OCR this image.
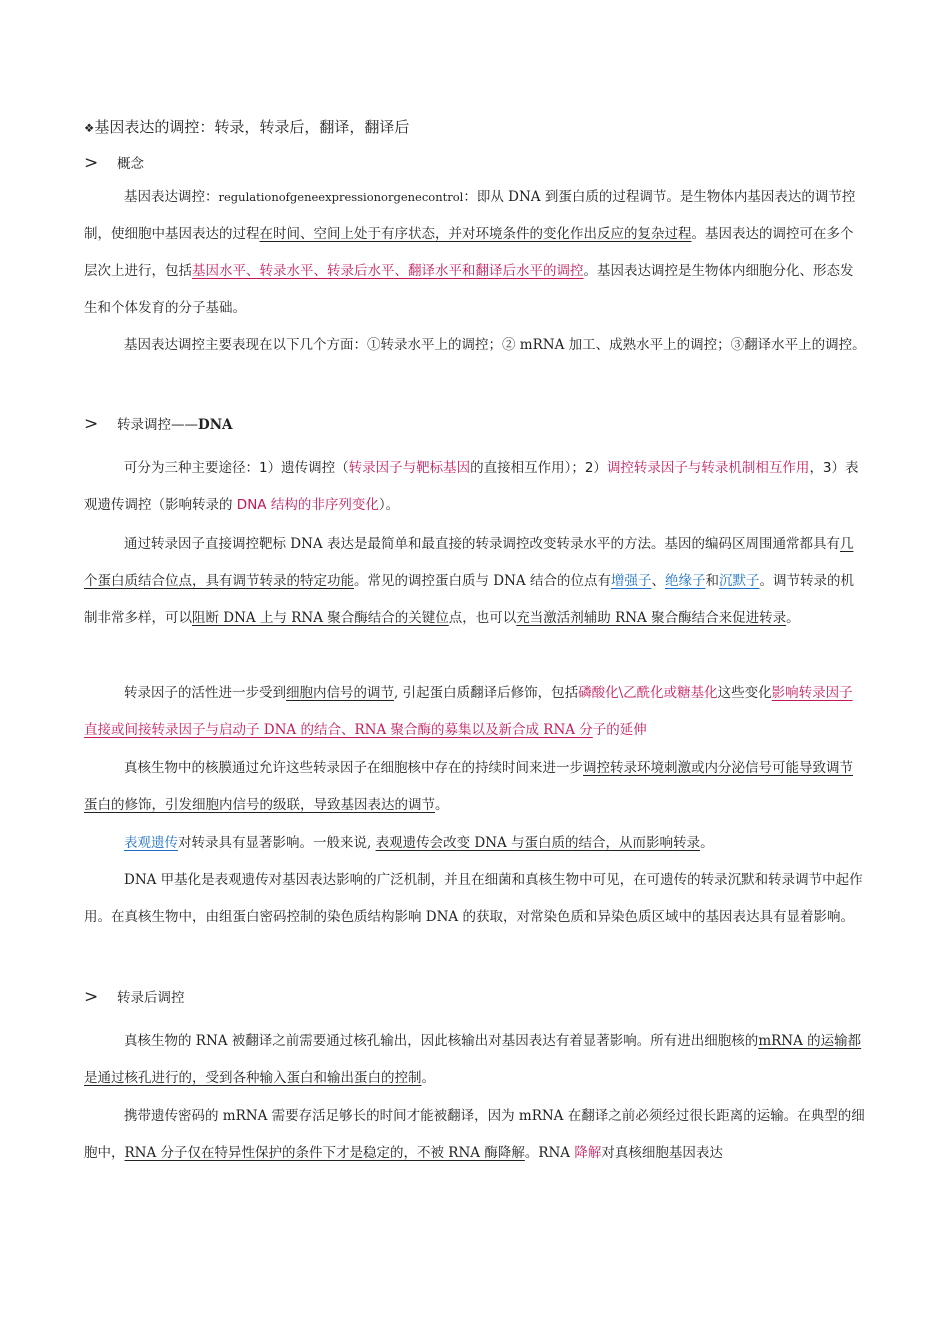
❖基因表达的调控：转录，转录后，翻译，翻译后
> 概念
基因表达调控：regulationofgeneexpressionorgenecontrol：即从 DNA 到蛋白质的过程调节。是生物体内基因表达的调节控制，使细胞中基因表达的过程在时间、空间上处于有序状态，并对环境条件的变化作出反应的复杂过程。基因表达的调控可在多个层次上进行，包括基因水平、转录水平、转录后水平、翻译水平和翻译后水平的调控。基因表达调控是生物体内细胞分化、形态发生和个体发育的分子基础。
基因表达调控主要表现在以下几个方面：①转录水平上的调控；② mRNA 加工、成熟水平上的调控；③翻译水平上的调控。
> 转录调控——DNA
可分为三种主要途径：1）遗传调控（转录因子与靶标基因的直接相互作用）；2）调控转录因子与转录机制相互作用，3）表观遗传调控（影响转录的 DNA 结构的非序列变化）。
通过转录因子直接调控靶标 DNA 表达是最简单和最直接的转录调控改变转录水平的方法。基因的编码区周围通常都具有几个蛋白质结合位点，具有调节转录的特定功能。常见的调控蛋白质与 DNA 结合的位点有增强子、绝缘子和沉默子。调节转录的机制非常多样，可以阻断 DNA 上与 RNA 聚合酶结合的关键位点，也可以充当激活剂辅助 RNA 聚合酶结合来促进转录。
转录因子的活性进一步受到细胞内信号的调节, 引起蛋白质翻译后修饰，包括磷酸化\乙酰化或糖基化这些变化影响转录因子直接或间接转录因子与启动子 DNA 的结合、RNA 聚合酶的募集以及新合成 RNA 分子的延伸
真核生物中的核膜通过允许这些转录因子在细胞核中存在的持续时间来进一步调控转录环境刺激或内分泌信号可能导致调节蛋白的修饰，引发细胞内信号的级联，导致基因表达的调节。
表观遗传对转录具有显著影响。一般来说, 表观遗传会改变 DNA 与蛋白质的结合，从而影响转录。
DNA 甲基化是表观遗传对基因表达影响的广泛机制，并且在细菌和真核生物中可见，在可遗传的转录沉默和转录调节中起作用。在真核生物中，由组蛋白密码控制的染色质结构影响 DNA 的获取，对常染色质和异染色质区域中的基因表达具有显着影响。
> 转录后调控
真核生物的 RNA 被翻译之前需要通过核孔输出，因此核输出对基因表达有着显著影响。所有进出细胞核的mRNA 的运输都是通过核孔进行的，受到各种输入蛋白和输出蛋白的控制。
携带遗传密码的 mRNA 需要存活足够长的时间才能被翻译，因为 mRNA 在翻译之前必须经过很长距离的运输。在典型的细胞中，RNA 分子仅在特异性保护的条件下才是稳定的，不被 RNA 酶降解。RNA 降解对真核细胞基因表达
